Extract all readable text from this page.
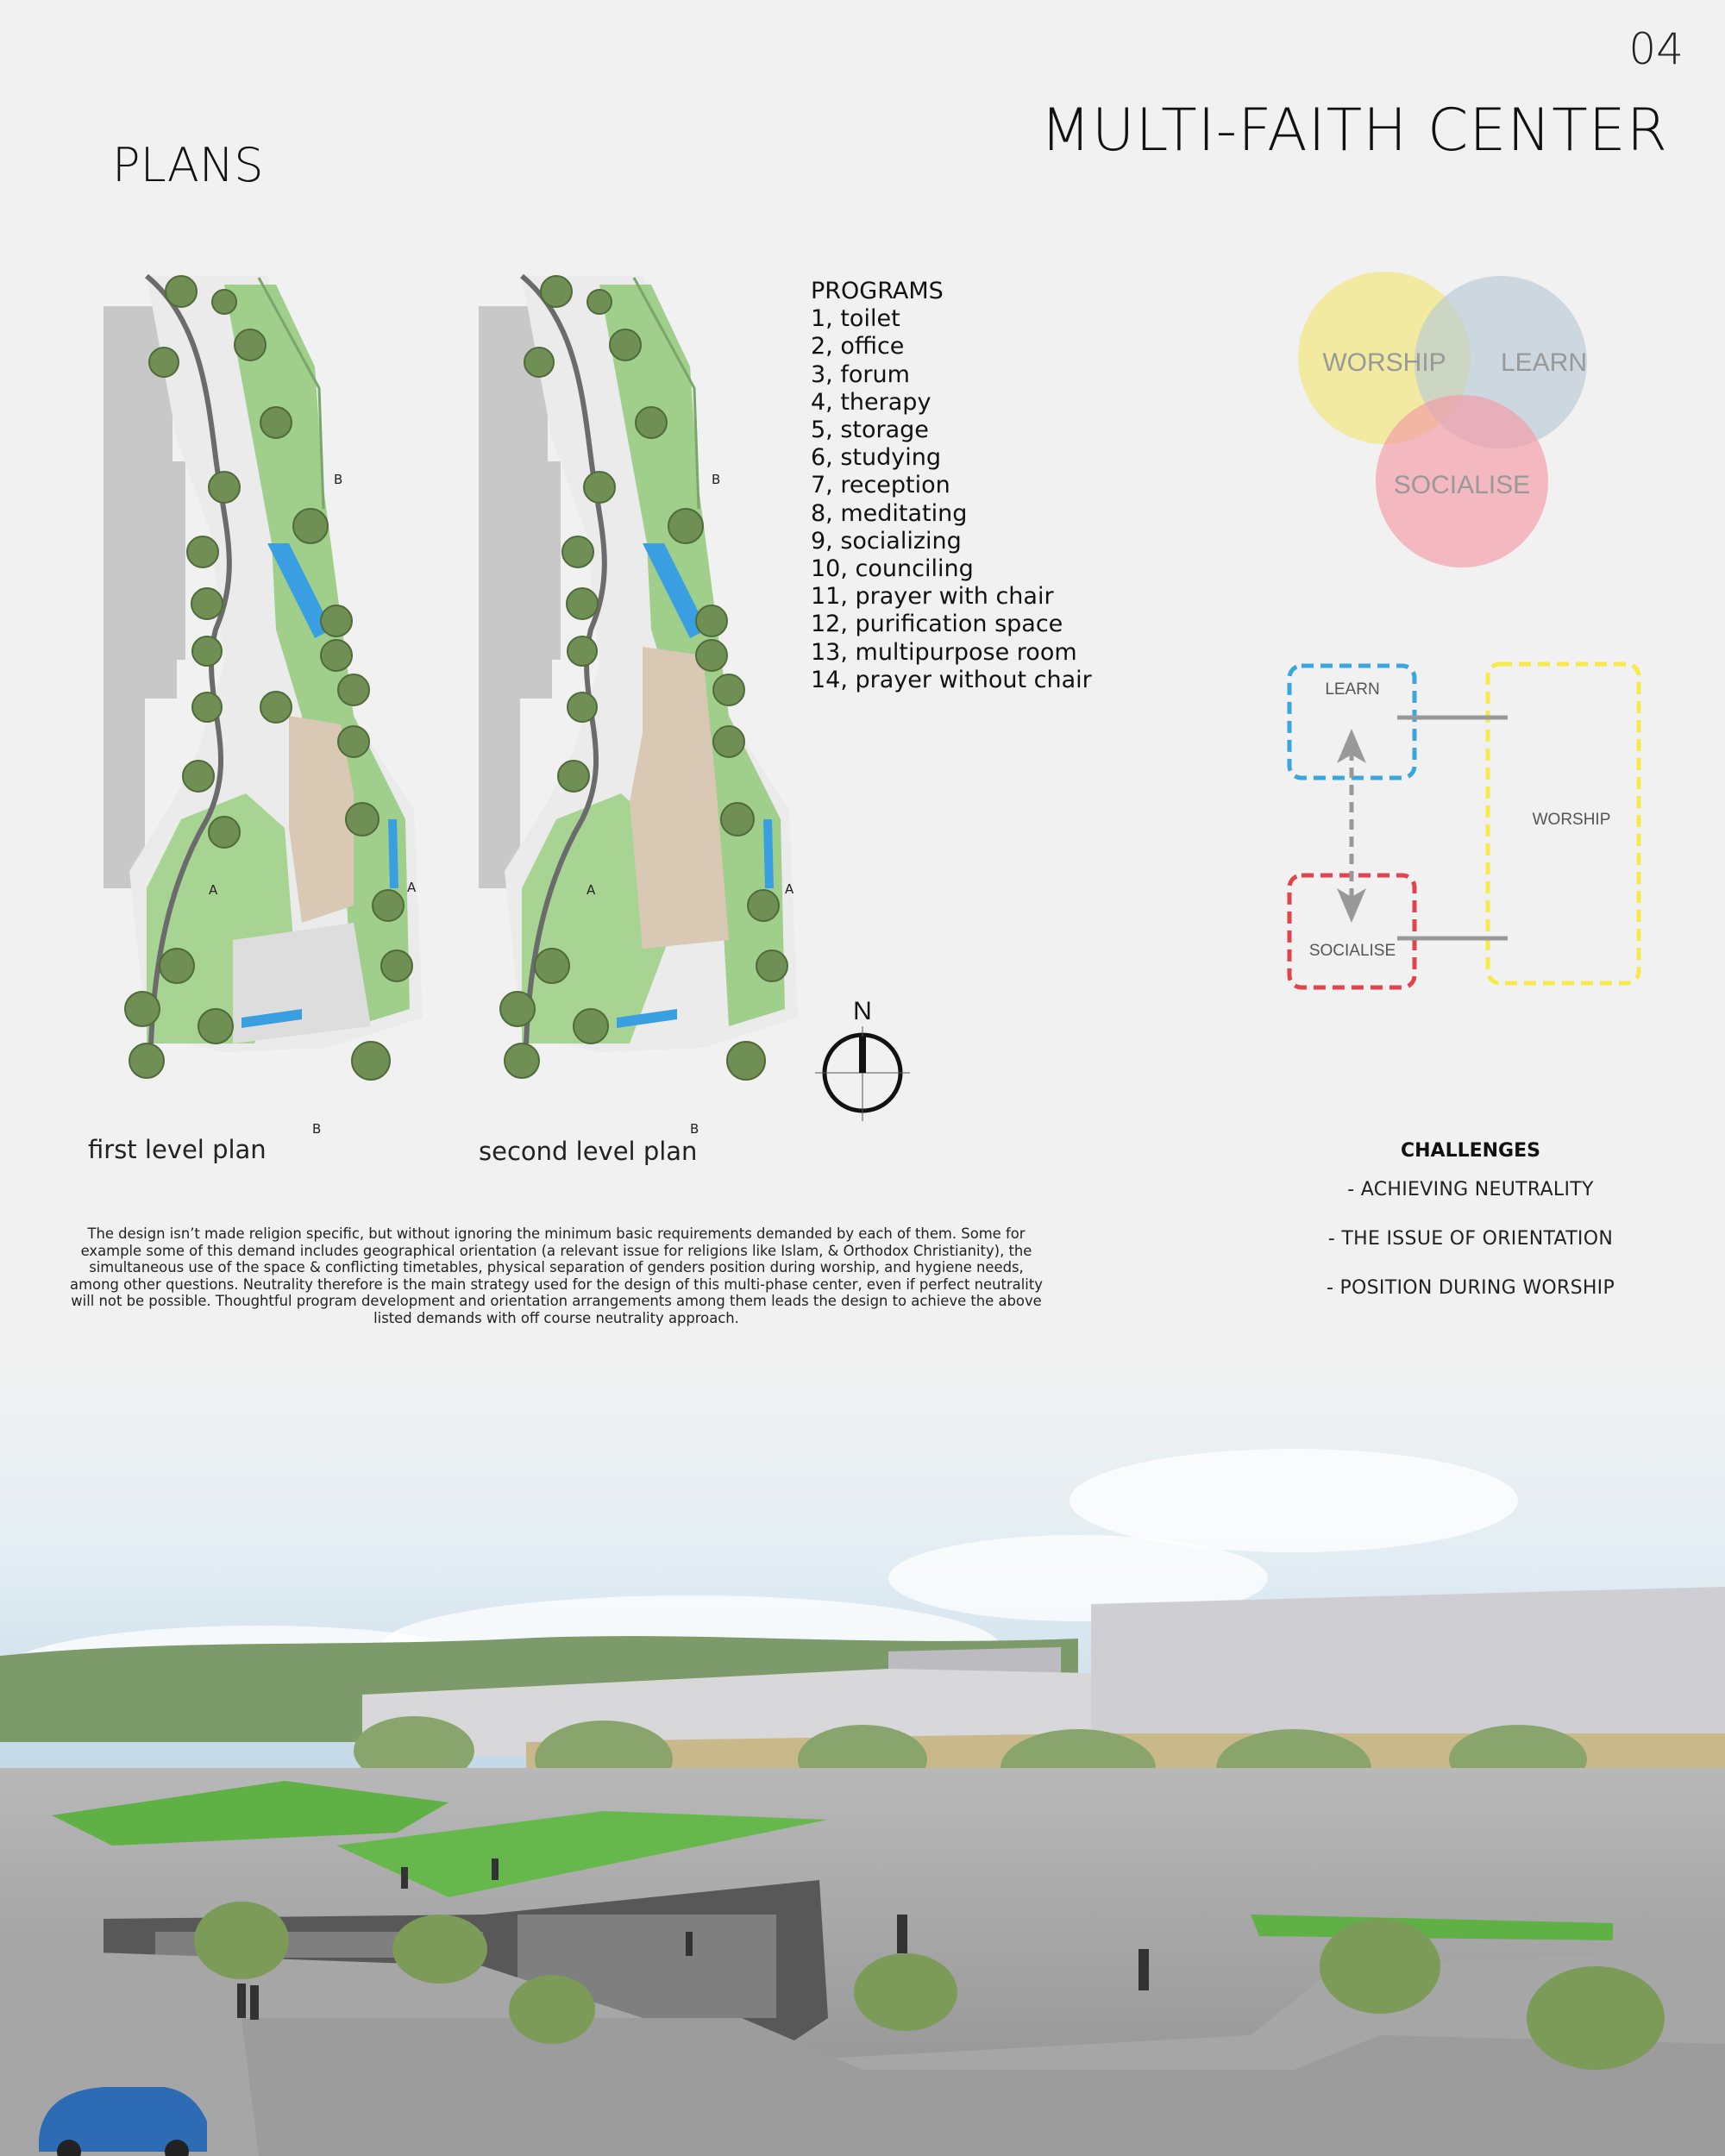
04
MULTI-FAITH CENTER
PLANS
B
A	A
B
first level plan
B
A	A
B
second level plan
PROGRAMS
1, toilet
2, office
3, forum
4, therapy
5, storage
6, studying
7, reception
8, meditating
9, socializing
10, counciling
11, prayer with chair
12, purification space
13, multipurpose room
14, prayer without chair
N
The design isn’t made religion specific, but without ignoring the minimum basic requirements demanded by each of them. Some for example some of this demand includes geographical orientation (a relevant issue for religions like Islam, & Orthodox Christianity), the simultaneous use of the space & conflicting timetables, physical separation of genders position during worship, and hygiene needs, among other questions. Neutrality therefore is the main strategy used for the design of this multi-phase center, even if perfect neutrality will not be possible. Thoughtful program development and orientation arrangements among them leads the design to achieve the above listed demands with off course neutrality approach.
WORSHIP LEARN
SOCIALISE
LEARN
WORSHIP
SOCIALISE
CHALLENGES
- ACHIEVING NEUTRALITY
- THE ISSUE OF ORIENTATION
- POSITION DURING WORSHIP
